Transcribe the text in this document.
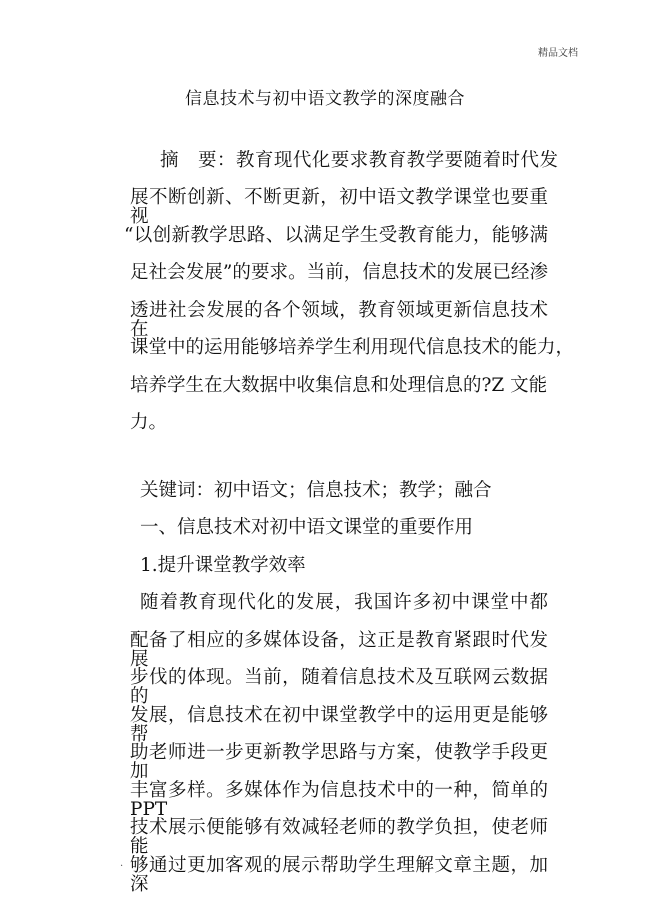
精品文档
信息技术与初中语文教学的深度融合
摘　要：教育现代化要求教育教学要随着时代发
展不断创新、不断更新，初中语文教学课堂也要重视
“以创新教学思路、以满足学生受教育能力，能够满
足社会发展”的要求。当前，信息技术的发展已经渗
透进社会发展的各个领域，教育领域更新信息技术在
课堂中的运用能够培养学生利用现代信息技术的能力，
培养学生在大数据中收集信息和处理信息的?Z 文能
力。
关键词：初中语文；信息技术；教学；融合
一、信息技术对初中语文课堂的重要作用
1.提升课堂教学效率
随着教育现代化的发展，我国许多初中课堂中都
配备了相应的多媒体设备，这正是教育紧跟时代发展
步伐的体现。当前，随着信息技术及互联网云数据的
发展，信息技术在初中课堂教学中的运用更是能够帮
助老师进一步更新教学思路与方案，使教学手段更加
丰富多样。多媒体作为信息技术中的一种，简单的 PPT
技术展示便能够有效减轻老师的教学负担，使老师能
够通过更加客观的展示帮助学生理解文章主题，加深
.
